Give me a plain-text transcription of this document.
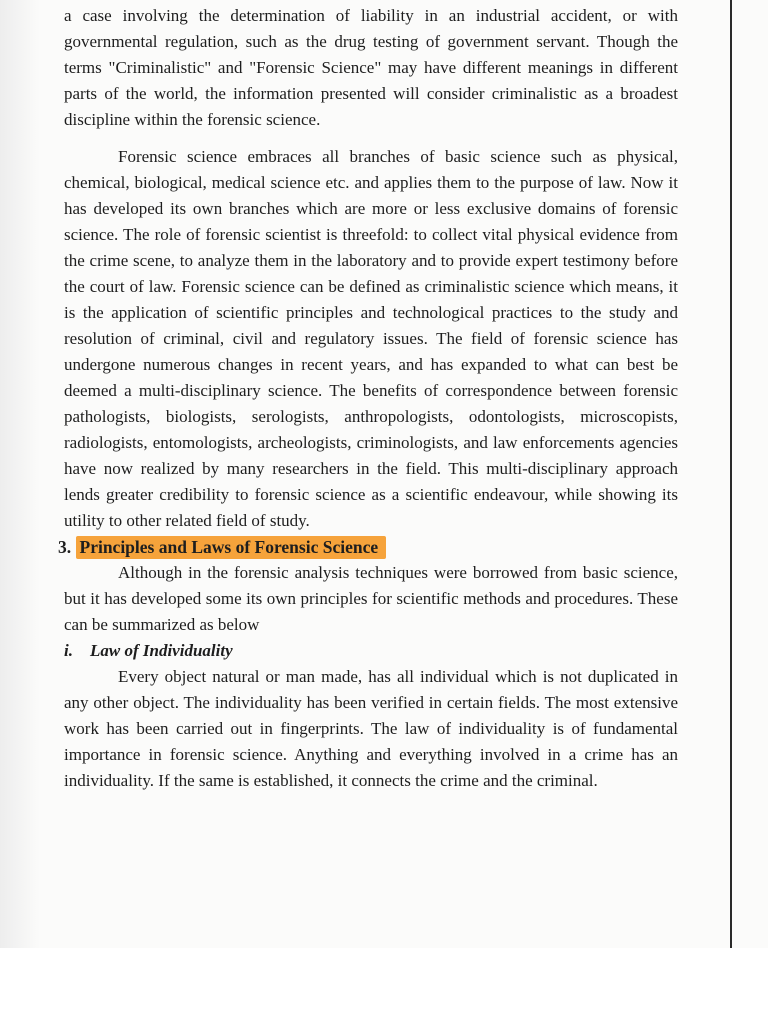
a case involving the determination of liability in an industrial accident, or with governmental regulation, such as the drug testing of government servant. Though the terms "Criminalistic" and "Forensic Science" may have different meanings in different parts of the world, the information presented will consider criminalistic as a broadest discipline within the forensic science.

Forensic science embraces all branches of basic science such as physical, chemical, biological, medical science etc. and applies them to the purpose of law. Now it has developed its own branches which are more or less exclusive domains of forensic science. The role of forensic scientist is threefold: to collect vital physical evidence from the crime scene, to analyze them in the laboratory and to provide expert testimony before the court of law. Forensic science can be defined as criminalistic science which means, it is the application of scientific principles and technological practices to the study and resolution of criminal, civil and regulatory issues. The field of forensic science has undergone numerous changes in recent years, and has expanded to what can best be deemed a multi-disciplinary science. The benefits of correspondence between forensic pathologists, biologists, serologists, anthropologists, odontologists, microscopists, radiologists, entomologists, archeologists, criminologists, and law enforcements agencies have now realized by many researchers in the field. This multi-disciplinary approach lends greater credibility to forensic science as a scientific endeavour, while showing its utility to other related field of study.

3. Principles and Laws of Forensic Science

Although in the forensic analysis techniques were borrowed from basic science, but it has developed some its own principles for scientific methods and procedures. These can be summarized as below

i. Law of Individuality

Every object natural or man made, has all individual which is not duplicated in any other object. The individuality has been verified in certain fields. The most extensive work has been carried out in fingerprints. The law of individuality is of fundamental importance in forensic science. Anything and everything involved in a crime has an individuality. If the same is established, it connects the crime and the criminal.
